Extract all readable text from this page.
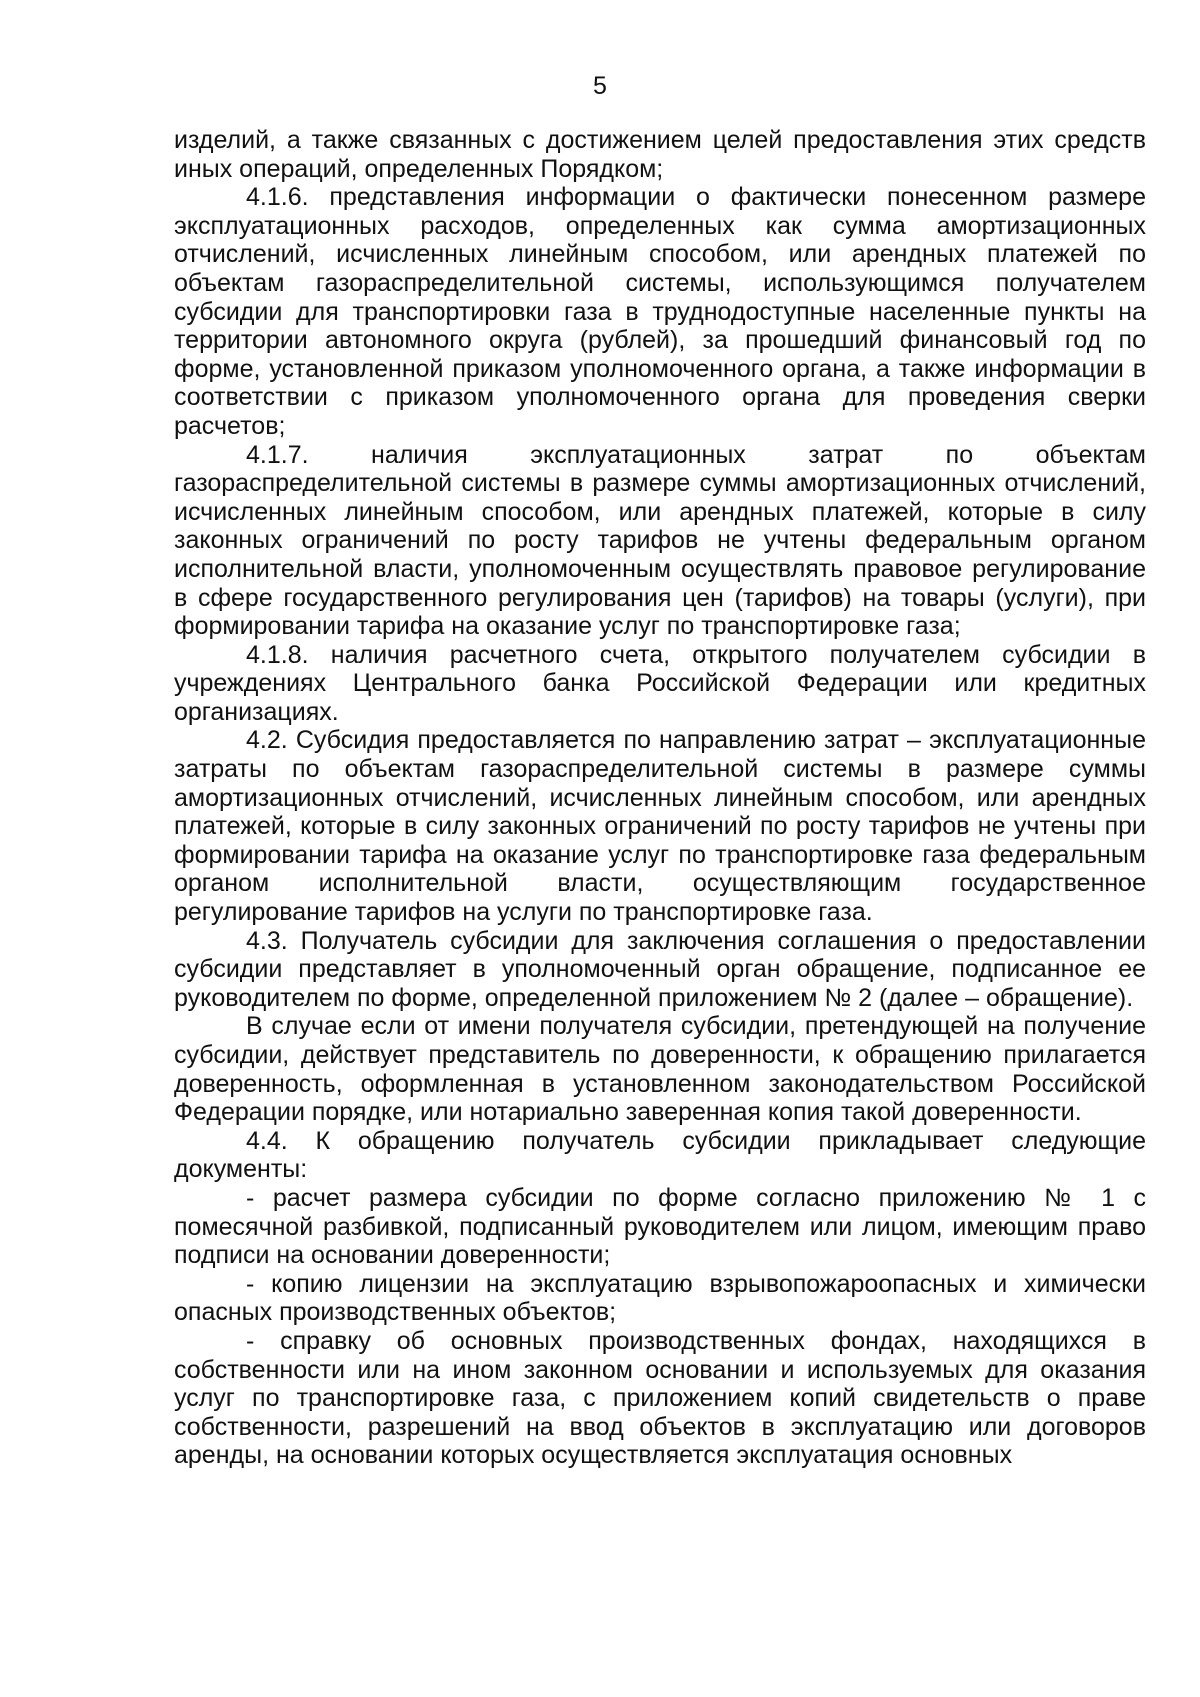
5

изделий, а также связанных с достижением целей предоставления этих средств иных операций, определенных Порядком;

4.1.6. представления информации о фактически понесенном размере эксплуатационных расходов, определенных как сумма амортизационных отчислений, исчисленных линейным способом, или арендных платежей по объектам газораспределительной системы, использующимся получателем субсидии для транспортировки газа в труднодоступные населенные пункты на территории автономного округа (рублей), за прошедший финансовый год по форме, установленной приказом уполномоченного органа, а также информации в соответствии с приказом уполномоченного органа для проведения сверки расчетов;

4.1.7. наличия эксплуатационных затрат по объектам газораспределительной системы в размере суммы амортизационных отчислений, исчисленных линейным способом, или арендных платежей, которые в силу законных ограничений по росту тарифов не учтены федеральным органом исполнительной власти, уполномоченным осуществлять правовое регулирование в сфере государственного регулирования цен (тарифов) на товары (услуги), при формировании тарифа на оказание услуг по транспортировке газа;

4.1.8. наличия расчетного счета, открытого получателем субсидии в учреждениях Центрального банка Российской Федерации или кредитных организациях.

4.2. Субсидия предоставляется по направлению затрат – эксплуатационные затраты по объектам газораспределительной системы в размере суммы амортизационных отчислений, исчисленных линейным способом, или арендных платежей, которые в силу законных ограничений по росту тарифов не учтены при формировании тарифа на оказание услуг по транспортировке газа федеральным органом исполнительной власти, осуществляющим государственное регулирование тарифов на услуги по транспортировке газа.

4.3. Получатель субсидии для заключения соглашения о предоставлении субсидии представляет в уполномоченный орган обращение, подписанное ее руководителем по форме, определенной приложением № 2 (далее – обращение).

В случае если от имени получателя субсидии, претендующей на получение субсидии, действует представитель по доверенности, к обращению прилагается доверенность, оформленная в установленном законодательством Российской Федерации порядке, или нотариально заверенная копия такой доверенности.

4.4. К обращению получатель субсидии прикладывает следующие документы:

- расчет размера субсидии по форме согласно приложению № 1 с помесячной разбивкой, подписанный руководителем или лицом, имеющим право подписи на основании доверенности;

- копию лицензии на эксплуатацию взрывопожароопасных и химически опасных производственных объектов;

- справку об основных производственных фондах, находящихся в собственности или на ином законном основании и используемых для оказания услуг по транспортировке газа, с приложением копий свидетельств о праве собственности, разрешений на ввод объектов в эксплуатацию или договоров аренды, на основании которых осуществляется эксплуатация основных
